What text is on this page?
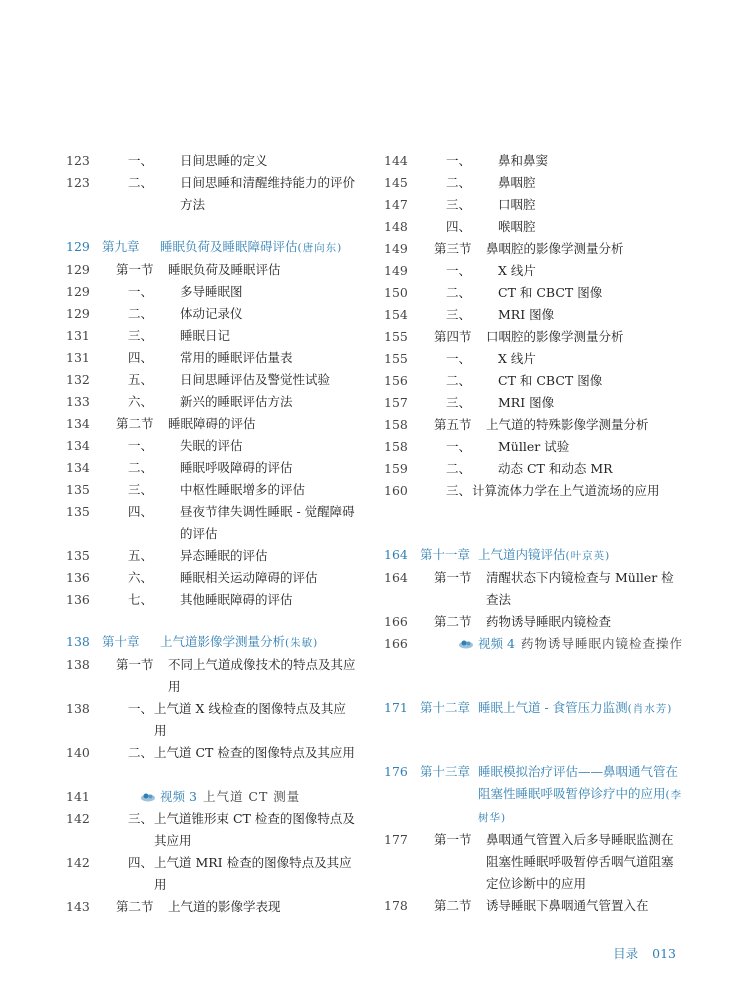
123	一、 日间思睡的定义
123	二、	日间思睡和清醒维持能力的评价方法
129 第九章 睡眠负荷及睡眠障碍评估(唐向东)
129	第一节 睡眠负荷及睡眠评估
129	一、 多导睡眠图
129	二、 体动记录仪
131	三、 睡眠日记
131	四、 常用的睡眠评估量表
132	五、 日间思睡评估及警觉性试验
133	六、 新兴的睡眠评估方法
134	第二节 睡眠障碍的评估
134	一、 失眠的评估
134	二、 睡眠呼吸障碍的评估
135	三、 中枢性睡眠增多的评估
135	四、	昼夜节律失调性睡眠 - 觉醒障碍的评估
135	五、 异态睡眠的评估
136	六、 睡眠相关运动障碍的评估
136	七、 其他睡眠障碍的评估
138 第十章 上气道影像学测量分析(朱敏)
138	第一节	不同上气道成像技术的特点及其应用
138	一、 上气道 X 线检查的图像特点及其应用
140	二、 上气道 CT 检查的图像特点及其应用
141	视频 3 上气道 CT 测量
142	三、 上气道锥形束 CT 检查的图像特点及其应用
142	四、 上气道 MRI 检查的图像特点及其应用
143	第二节 上气道的影像学表现
144	一、 鼻和鼻窦
145	二、 鼻咽腔
147	三、 口咽腔
148	四、 喉咽腔
149	第三节 鼻咽腔的影像学测量分析
149	一、 X 线片
150	二、 CT 和 CBCT 图像
154	三、 MRI 图像
155	第四节 口咽腔的影像学测量分析
155	一、 X 线片
156	二、 CT 和 CBCT 图像
157	三、 MRI 图像
158	第五节 上气道的特殊影像学测量分析
158	一、 Müller 试验
159	二、 动态 CT 和动态 MR
160	三、 计算流体力学在上气道流场的应用
164 第十一章 上气道内镜评估(叶京英)
164	第一节	清醒状态下内镜检查与 Müller 检查法
166	第二节 药物诱导睡眠内镜检查
166	视频 4 药物诱导睡眠内镜检查操作
171 第十二章 睡眠上气道 - 食管压力监测(肖水芳)
176 第十三章 睡眠模拟治疗评估——鼻咽通气管在阻塞性睡眠呼吸暂停诊疗中的应用(李树华)
177	第一节	鼻咽通气管置入后多导睡眠监测在阻塞性睡眠呼吸暂停舌咽气道阻塞定位诊断中的应用
178	第二节 诱导睡眠下鼻咽通气管置入在
目录 013
